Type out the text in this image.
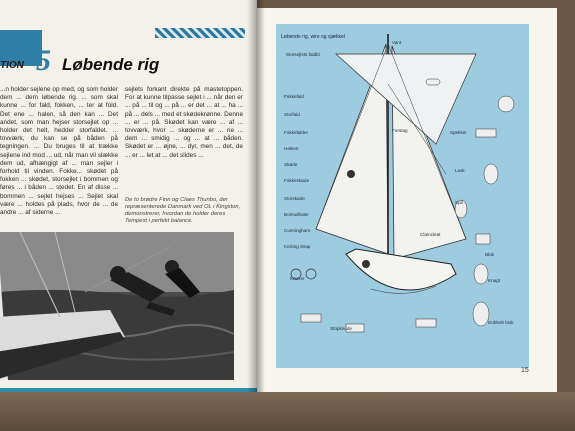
TION 5 Løbende rig
...n holder sejlene op med, og som holder dem ... dem løbende rig. ... som skal kunne ... for fald, fokken, ... ter at fold. Det ene ... halen, så den kan ... Det andet, som man hejser storsejlet op ... holder det helt, hedder storfaldet. ... tovværk, du kan se på båden på tegningen. ... Du bruges til at trække sejlene ind mod ... ud, når man vil slække dem ud, afhængigt af ... man sejler i forhold til vinden. Fokke... skødet på fokken ... skødet, storsejlet i bommen og føres ... i båden ... stedet. En af disse ... bommen ... sejlet hejses ... Sejlet skal være ... holdes på plads, hvor de ... de andre ... af siderne ...
sejlets forkant direkte på mastetoppen. For at kunne tilpasse sejlet i ... når den er ... på ... til og ... på ... er det ... at ... ha ... på ... dels ... med et skødekrønne. Denne ... er ... på. Skødet kan være ... af ... tovværk, hvor ... skøderne er ... ne ... dem ... smidig ... og ... at ... båden. Skødet er ... øjne, ... dyr, men ... det, de ... er ... let at ... det slides ...
De to brødre Finn og Claes Thunbo, der repræsenterede Danmark ved OL i Kingston, demonstrerer, hvordan de holder deres Tempest i perfekt balance.
Løbende rig, wire og sjækkel
Storsejlets faldbl
Fokkefald
Storfald
Fokkefaldet
Halsen
Skøde
Fokkeskøde
Storskøde
Bomudhaler
Cunningham
Kicking strap
Vant
Forstag	Sjækkel
Lask
Spil
Clamcleat
Blok
Knagt
Kauser
Dobbelt blok
Stopknude
15
